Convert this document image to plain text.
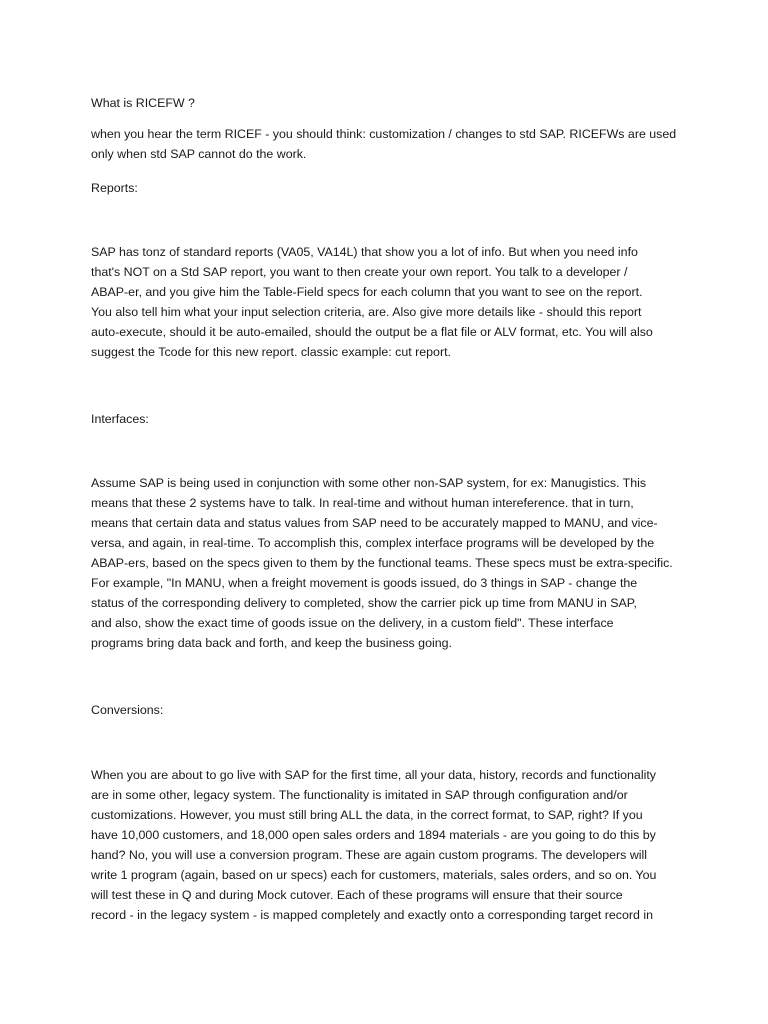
What is RICEFW ?

when you hear the term RICEF - you should think: customization / changes to std SAP. RICEFWs are used
only when std SAP cannot do the work.

Reports:

SAP has tonz of standard reports (VA05, VA14L) that show you a lot of info. But when you need info
that's NOT on a Std SAP report, you want to then create your own report. You talk to a developer /
ABAP-er, and you give him the Table-Field specs for each column that you want to see on the report.
You also tell him what your input selection criteria, are. Also give more details like - should this report
auto-execute, should it be auto-emailed, should the output be a flat file or ALV format, etc. You will also
suggest the Tcode for this new report. classic example: cut report.

Interfaces:

Assume SAP is being used in conjunction with some other non-SAP system, for ex: Manugistics. This
means that these 2 systems have to talk. In real-time and without human intereference. that in turn,
means that certain data and status values from SAP need to be accurately mapped to MANU, and vice-
versa, and again, in real-time. To accomplish this, complex interface programs will be developed by the
ABAP-ers, based on the specs given to them by the functional teams. These specs must be extra-specific.
For example, "In MANU, when a freight movement is goods issued, do 3 things in SAP - change the
status of the corresponding delivery to completed, show the carrier pick up time from MANU in SAP,
and also, show the exact time of goods issue on the delivery, in a custom field". These interface
programs bring data back and forth, and keep the business going.

Conversions:

When you are about to go live with SAP for the first time, all your data, history, records and functionality
are in some other, legacy system. The functionality is imitated in SAP through configuration and/or
customizations. However, you must still bring ALL the data, in the correct format, to SAP, right? If you
have 10,000 customers, and 18,000 open sales orders and 1894 materials - are you going to do this by
hand? No, you will use a conversion program. These are again custom programs. The developers will
write 1 program (again, based on ur specs) each for customers, materials, sales orders, and so on. You
will test these in Q and during Mock cutover. Each of these programs will ensure that their source
record - in the legacy system - is mapped completely and exactly onto a corresponding target record in
